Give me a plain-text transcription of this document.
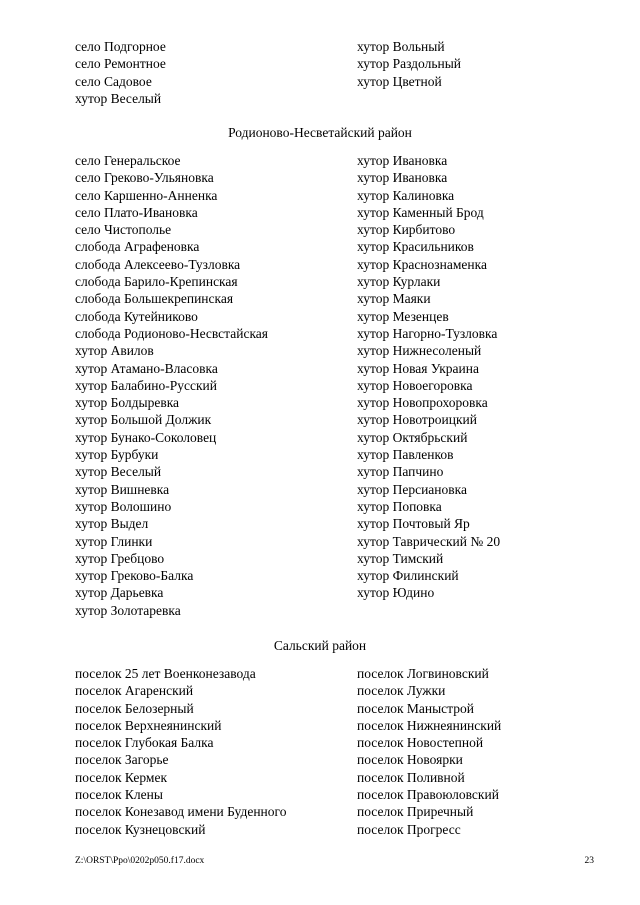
село Подгорное
село Ремонтное
село Садовое
хутор Веселый
хутор Вольный
хутор Раздольный
хутор Цветной
Родионово-Несветайский район
село Генеральское
село Греково-Ульяновка
село Каршенно-Анненка
село Плато-Ивановка
село Чистополье
слобода Аграфеновка
слобода Алексеево-Тузловка
слобода Барило-Крепинская
слобода Большекрепинская
слобода Кутейниково
слобода Родионово-Несвстайская
хутор Авилов
хутор Атамано-Власовка
хутор Балабино-Русский
хутор Болдыревка
хутор Большой Должик
хутор Бунако-Соколовец
хутор Бурбуки
хутор Веселый
хутор Вишневка
хутор Волошино
хутор Выдел
хутор Глинки
хутор Гребцово
хутор Греково-Балка
хутор Дарьевка
хутор Золотаревка
хутор Ивановка
хутор Ивановка
хутор Калиновка
хутор Каменный Брод
хутор Кирбитово
хутор Красильников
хутор Краснознаменка
хутор Курлаки
хутор Маяки
хутор Мезенцев
хутор Нагорно-Тузловка
хутор Нижнесоленый
хутор Новая Украина
хутор Новоегоровка
хутор Новопрохоровка
хутор Новотроицкий
хутор Октябрьский
хутор Павленков
хутор Папчино
хутор Персиановка
хутор Поповка
хутор Почтовый Яр
хутор Таврический № 20
хутор Тимский
хутор Филинский
хутор Юдино
Сальский район
поселок 25 лет Военконезавода
поселок Агаренский
поселок Белозерный
поселок Верхнеянинский
поселок Глубокая Балка
поселок Загорье
поселок Кермек
поселок Клены
поселок Конезавод имени Буденного
поселок Кузнецовский
поселок Логвиновский
поселок Лужки
поселок Маныстрой
поселок Нижнеянинский
поселок Новостепной
поселок Новоярки
поселок Поливной
поселок Правоюловский
поселок Приречный
поселок Прогресс
Z:\ORST\Ppo\0202p050.f17.docx	23
